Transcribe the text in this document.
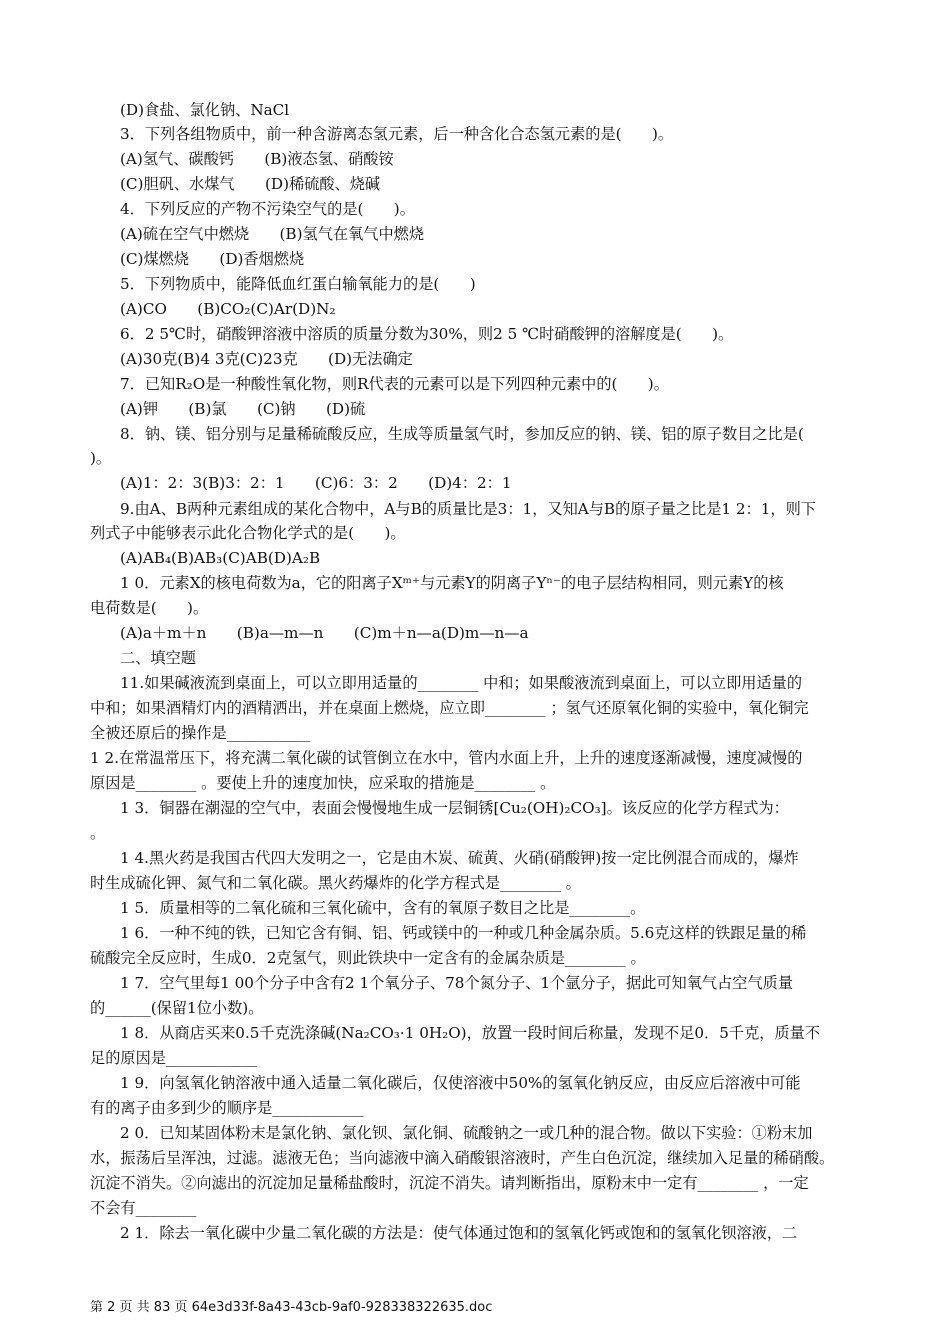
(D)食盐、氯化钠、NaCl
3．下列各组物质中，前一种含游离态氢元素，后一种含化合态氢元素的是(　　)。
(A)氢气、碳酸钙　　(B)液态氢、硝酸铵
(C)胆矾、水煤气　　(D)稀硫酸、烧碱
4．下列反应的产物不污染空气的是(　　)。
(A)硫在空气中燃烧　　(B)氢气在氧气中燃烧
(C)煤燃烧　　(D)香烟燃烧
5．下列物质中，能降低血红蛋白输氧能力的是(　　)
(A)CO　　(B)CO₂(C)Ar(D)N₂
6．2 5℃时，硝酸钾溶液中溶质的质量分数为30%，则2 5 ℃时硝酸钾的溶解度是(　　)。
(A)30克(B)4 3克(C)23克　　(D)无法确定
7．已知R₂O是一种酸性氧化物，则R代表的元素可以是下列四种元素中的(　　)。
(A)钾　　(B)氯　　(C)钠　　(D)硫
8．钠、镁、铝分别与足量稀硫酸反应，生成等质量氢气时，参加反应的钠、镁、铝的原子数目之比是(
)。
(A)1：2：3(B)3：2：1　　(C)6：3：2　　(D)4：2：1
9.由A、B两种元素组成的某化合物中，A与B的质量比是3：1，又知A与B的原子量之比是1 2：1，则下
列式子中能够表示此化合物化学式的是(　　)。
(A)AB₄(B)AB₃(C)AB(D)A₂B
1 0．元素X的核电荷数为a，它的阳离子Xᵐ⁺与元素Y的阴离子Yⁿ⁻的电子层结构相同，则元素Y的核
电荷数是(　　)。
(A)a＋m＋n　　(B)a—m—n　　(C)m＋n—a(D)m—n—a
二、填空题
11.如果碱液流到桌面上，可以立即用适量的________ 中和；如果酸液流到桌面上，可以立即用适量的
中和；如果酒精灯内的酒精洒出，并在桌面上燃烧，应立即________ ；氢气还原氧化铜的实验中，氧化铜完
全被还原后的操作是___________
1 2.在常温常压下，将充满二氧化碳的试管倒立在水中，管内水面上升，上升的速度逐渐减慢，速度减慢的
原因是________ 。要使上升的速度加快，应采取的措施是________ 。
1 3．铜器在潮湿的空气中，表面会慢慢地生成一层铜锈[Cu₂(OH)₂CO₃]。该反应的化学方程式为：
。
1 4.黑火药是我国古代四大发明之一，它是由木炭、硫黄、火硝(硝酸钾)按一定比例混合而成的，爆炸
时生成硫化钾、氮气和二氧化碳。黑火药爆炸的化学方程式是________ 。
1 5．质量相等的二氧化硫和三氧化硫中，含有的氧原子数目之比是________。
1 6．一种不纯的铁，已知它含有铜、铝、钙或镁中的一种或几种金属杂质。5.6克这样的铁跟足量的稀
硫酸完全反应时，生成0．2克氢气，则此铁块中一定含有的金属杂质是________ 。
1 7．空气里每1 00个分子中含有2 1个氧分子、78个氮分子、1个氩分子，据此可知氧气占空气质量
的______(保留1位小数)。
1 8．从商店买来0.5千克洗涤碱(Na₂CO₃·1 0H₂O)，放置一段时间后称量，发现不足0．5千克，质量不
足的原因是____________
1 9．向氢氧化钠溶液中通入适量二氧化碳后，仅使溶液中50%的氢氧化钠反应，由反应后溶液中可能
有的离子由多到少的顺序是____________
2 0．已知某固体粉末是氯化钠、氯化钡、氯化铜、硫酸钠之一或几种的混合物。做以下实验：①粉末加
水，振荡后呈浑浊，过滤。滤液无色；当向滤液中滴入硝酸银溶液时，产生白色沉淀，继续加入足量的稀硝酸。
沉淀不消失。②向滤出的沉淀加足量稀盐酸时，沉淀不消失。请判断指出，原粉末中一定有________ ，一定
不会有________
2 1．除去一氧化碳中少量二氧化碳的方法是：使气体通过饱和的氢氧化钙或饱和的氢氧化钡溶液，二
第 2 页 共 83 页 64e3d33f-8a43-43cb-9af0-928338322635.doc
